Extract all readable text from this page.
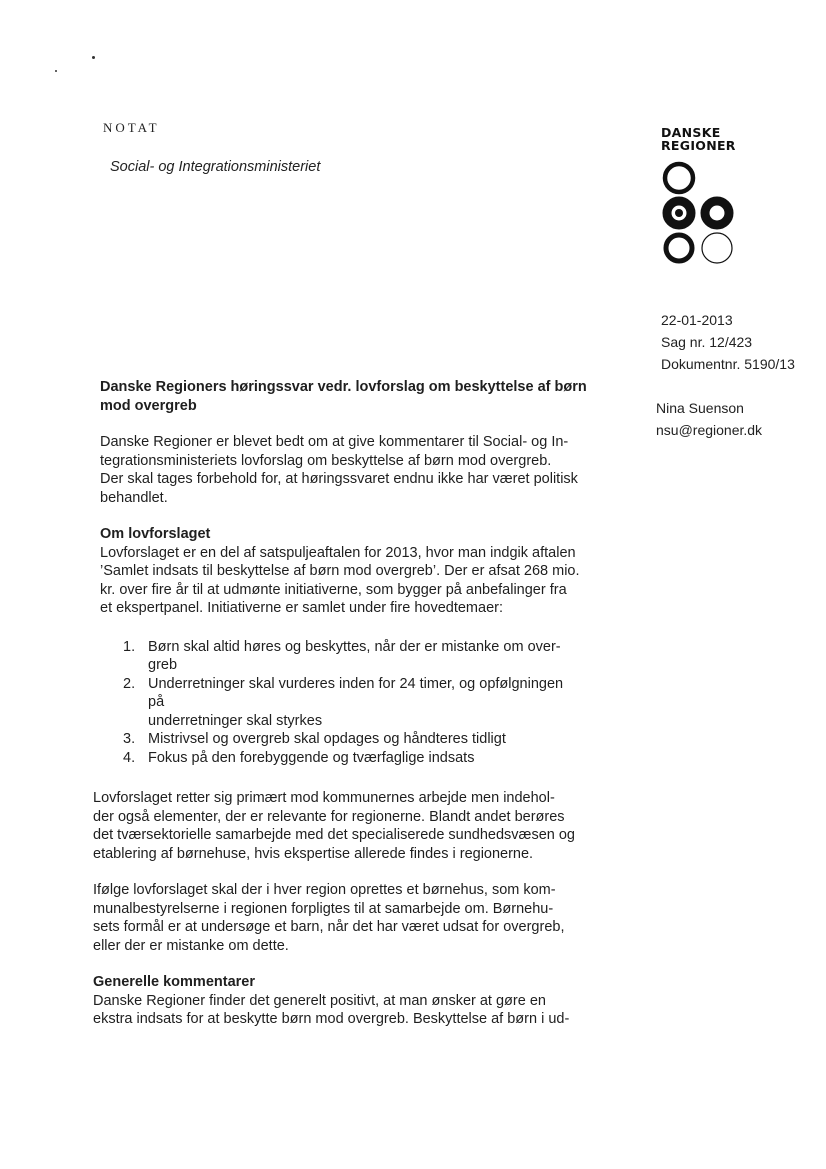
NOTAT
Social- og Integrationsministeriet
DANSKE
REGIONER
22-01-2013
Sag nr. 12/423
Dokumentnr. 5190/13
Nina Suenson
nsu@regioner.dk
Danske Regioners høringssvar vedr. lovforslag om beskyttelse af børn
mod overgreb

Danske Regioner er blevet bedt om at give kommentarer til Social- og In-
tegrationsministeriets lovforslag om beskyttelse af børn mod overgreb.
Der skal tages forbehold for, at høringssvaret endnu ikke har været politisk
behandlet.

Om lovforslaget

Lovforslaget er en del af satspuljeaftalen for 2013, hvor man indgik aftalen
’Samlet indsats til beskyttelse af børn mod overgreb’. Der er afsat 268 mio.
kr. over fire år til at udmønte initiativerne, som bygger på anbefalinger fra
et ekspertpanel. Initiativerne er samlet under fire hovedtemaer:

1. Børn skal altid høres og beskyttes, når der er mistanke om over-
greb
2. Underretninger skal vurderes inden for 24 timer, og opfølgningen
på
underretninger skal styrkes
3. Mistrivsel og overgreb skal opdages og håndteres tidligt
4. Fokus på den forebyggende og tværfaglige indsats

Lovforslaget retter sig primært mod kommunernes arbejde men indehol-
der også elementer, der er relevante for regionerne. Blandt andet berøres
det tværsektorielle samarbejde med det specialiserede sundhedsvæsen og
etablering af børnehuse, hvis ekspertise allerede findes i regionerne.

Ifølge lovforslaget skal der i hver region oprettes et børnehus, som kom-
munalbestyrelserne i regionen forpligtes til at samarbejde om. Børnehu-
sets formål er at undersøge et barn, når det har været udsat for overgreb,
eller der er mistanke om dette.

Generelle kommentarer

Danske Regioner finder det generelt positivt, at man ønsker at gøre en
ekstra indsats for at beskytte børn mod overgreb. Beskyttelse af børn i ud-
